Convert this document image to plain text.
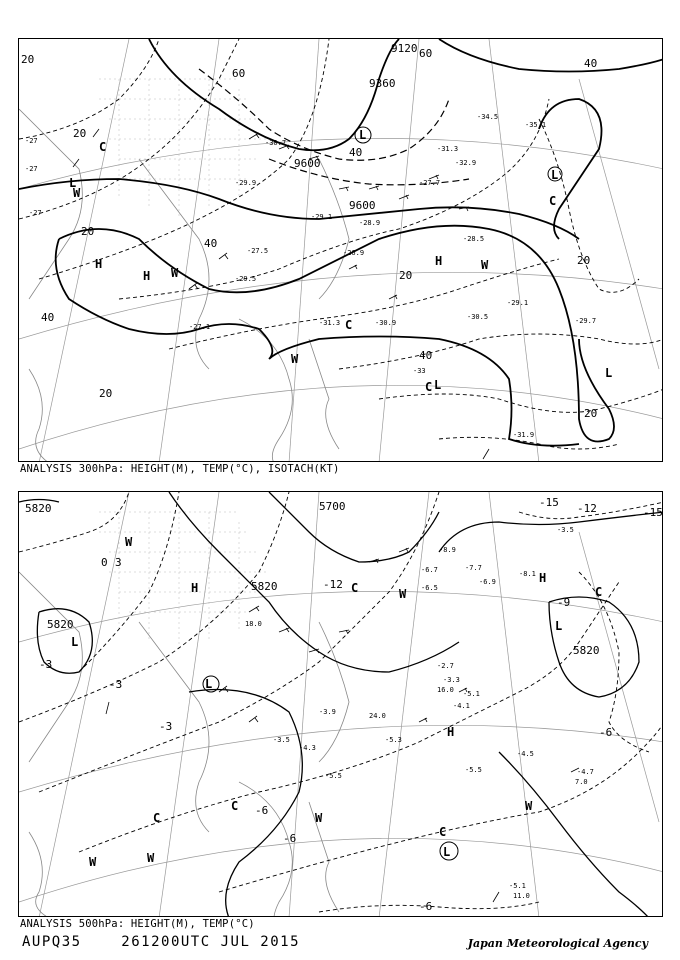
9120
9360
9600
9600
20
20
20
20
40
40
40
40
60
60
20
20
20
40
L
H
H
L
L
L
L
H
C
C
C
W
W
W
W
C
-27
-27
-27
-29.9
-30.7
-31.3
-32.9
-27.7
-29.1
-28.5
-26.9
-30.5
-31.9
-29.7
-34.5
-35.1
-33
-29.1
-28.9
-27.5
-30.9
-27.1	-31.3
-29.5
ANALYSIS 300hPa: HEIGHT(M), TEMP(°C), ISOTACH(KT)
5820
5820
5820
5820
5700	-15 -12
-12
-15
-9
-6
-6
-6
-6
-3
-3
-3
0 3
L
L
L
H
H
H
C	C
C
C
C
W
W
W	W
W
W
L
-5.3
-5.5
-4.5
-4.7
-5.1
-4.3
-3.5
-6.9
-8.9
-7.7
-6.5
-2.7
-3.3
-5.1
-4.1
-3.9
-5.5
-6.7	-8.1
-3.5
11.0
16.0
24.0
18.0
7.0
ANALYSIS 500hPa: HEIGHT(M), TEMP(°C)
AUPQ35	261200UTC JUL 2015	Japan Meteorological Agency
